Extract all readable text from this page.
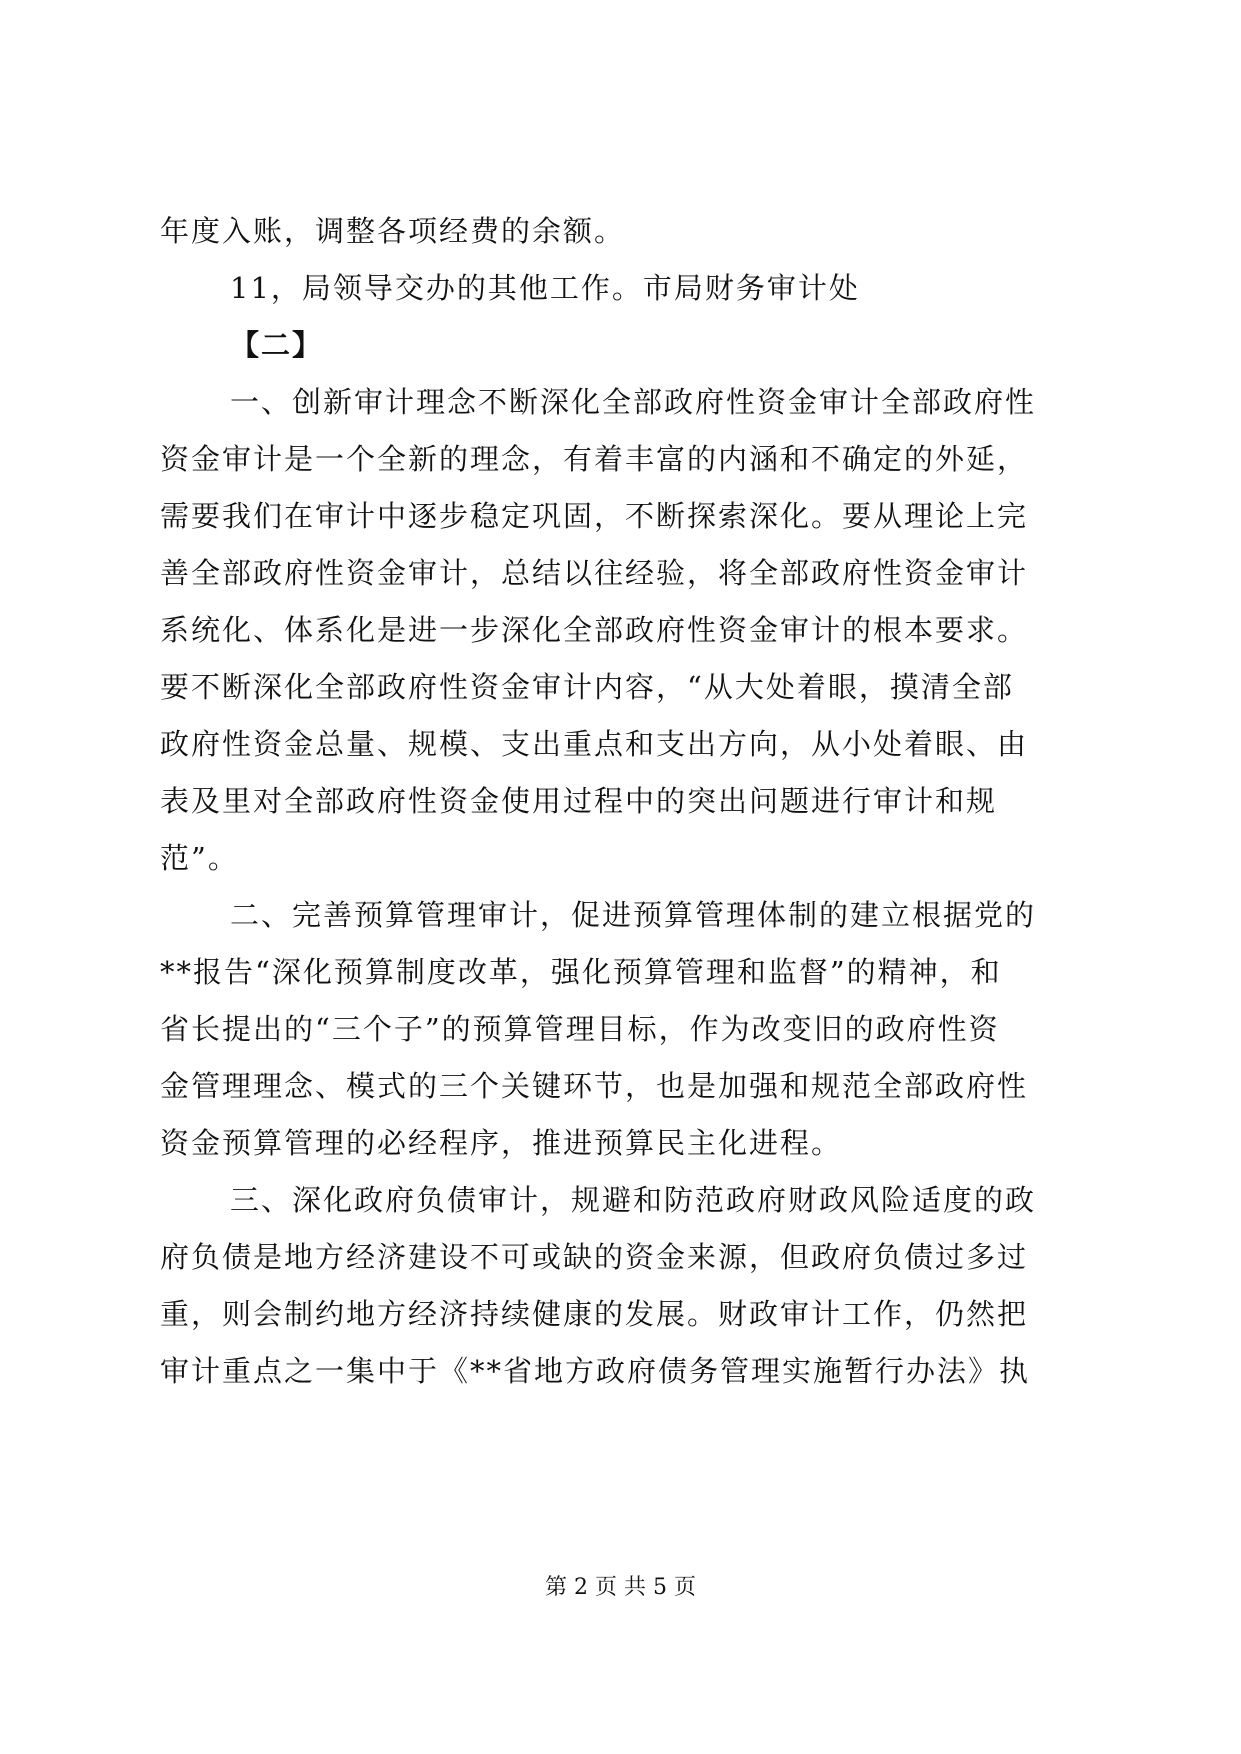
年度入账，调整各项经费的余额。
11，局领导交办的其他工作。市局财务审计处
【二】
一、创新审计理念不断深化全部政府性资金审计全部政府性
资金审计是一个全新的理念，有着丰富的内涵和不确定的外延，
需要我们在审计中逐步稳定巩固，不断探索深化。要从理论上完
善全部政府性资金审计，总结以往经验，将全部政府性资金审计
系统化、体系化是进一步深化全部政府性资金审计的根本要求。
要不断深化全部政府性资金审计内容，“从大处着眼，摸清全部
政府性资金总量、规模、支出重点和支出方向，从小处着眼、由
表及里对全部政府性资金使用过程中的突出问题进行审计和规
范”。
二、完善预算管理审计，促进预算管理体制的建立根据党的
**报告“深化预算制度改革，强化预算管理和监督”的精神，和
省长提出的“三个子”的预算管理目标，作为改变旧的政府性资
金管理理念、模式的三个关键环节，也是加强和规范全部政府性
资金预算管理的必经程序，推进预算民主化进程。
三、深化政府负债审计，规避和防范政府财政风险适度的政
府负债是地方经济建设不可或缺的资金来源，但政府负债过多过
重，则会制约地方经济持续健康的发展。财政审计工作，仍然把
审计重点之一集中于《**省地方政府债务管理实施暂行办法》执
第 2 页 共 5 页
